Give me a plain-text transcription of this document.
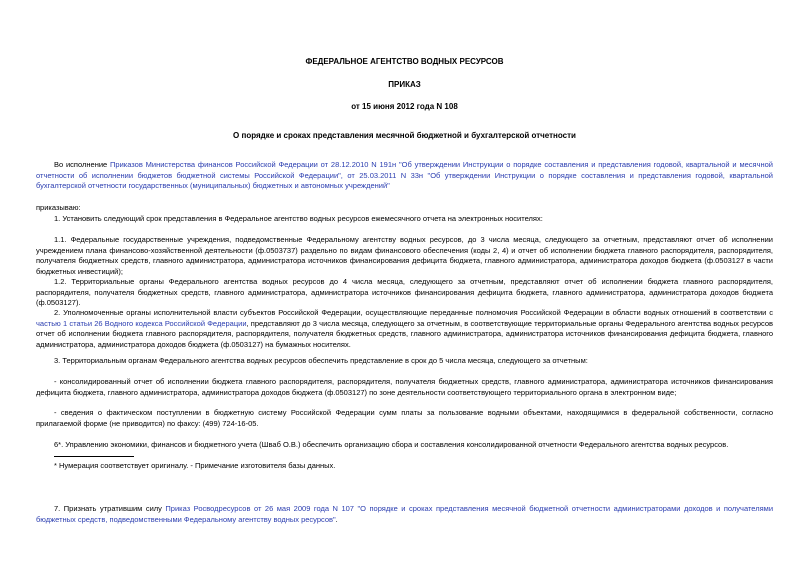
ФЕДЕРАЛЬНОЕ АГЕНТСТВО ВОДНЫХ РЕСУРСОВ
ПРИКАЗ
от 15 июня 2012 года N 108
О порядке и сроках представления месячной бюджетной и бухгалтерской отчетности
Во исполнение Приказов Министерства финансов Российской Федерации от 28.12.2010 N 191н "Об утверждении Инструкции о порядке составления и представления годовой, квартальной и месячной отчетности об исполнении бюджетов бюджетной системы Российской Федерации", от 25.03.2011 N 33н "Об утверждении Инструкции о порядке составления и представления годовой, квартальной бухгалтерской отчетности государственных (муниципальных) бюджетных и автономных учреждений"
приказываю:
1. Установить следующий срок представления в Федеральное агентство водных ресурсов ежемесячного отчета на электронных носителях:
1.1. Федеральные государственные учреждения, подведомственные Федеральному агентству водных ресурсов, до 3 числа месяца, следующего за отчетным, представляют отчет об исполнении учреждением плана финансово-хозяйственной деятельности (ф.0503737) раздельно по видам финансового обеспечения (коды 2, 4) и отчет об исполнении бюджета главного распорядителя, распорядителя, получателя бюджетных средств, главного администратора, администратора источников финансирования дефицита бюджета, главного администратора, администратора доходов бюджета (ф.0503127 в части бюджетных инвестиций);
1.2. Территориальные органы Федерального агентства водных ресурсов до 4 числа месяца, следующего за отчетным, представляют отчет об исполнении бюджета главного распорядителя, распорядителя, получателя бюджетных средств, главного администратора, администратора источников финансирования дефицита бюджета, главного администратора, администратора доходов бюджета (ф.0503127).
2. Уполномоченные органы исполнительной власти субъектов Российской Федерации, осуществляющие переданные полномочия Российской Федерации в области водных отношений в соответствии с частью 1 статьи 26 Водного кодекса Российской Федерации, представляют до 3 числа месяца, следующего за отчетным, в соответствующие территориальные органы Федерального агентства водных ресурсов отчет об исполнении бюджета главного распорядителя, распорядителя, получателя бюджетных средств, главного администратора, администратора источников финансирования дефицита бюджета, главного администратора, администратора доходов бюджета (ф.0503127) на бумажных носителях.
3. Территориальным органам Федерального агентства водных ресурсов обеспечить представление в срок до 5 числа месяца, следующего за отчетным:
- консолидированный отчет об исполнении бюджета главного распорядителя, распорядителя, получателя бюджетных средств, главного администратора, администратора источников финансирования дефицита бюджета, главного администратора, администратора доходов бюджета (ф.0503127) по зоне деятельности соответствующего территориального органа в электронном виде;
- сведения о фактическом поступлении в бюджетную систему Российской Федерации сумм платы за пользование водными объектами, находящимися в федеральной собственности, согласно прилагаемой форме (не приводится) по факсу: (499) 724-16-05.
6*. Управлению экономики, финансов и бюджетного учета (Шваб О.В.) обеспечить организацию сбора и составления консолидированной отчетности Федерального агентства водных ресурсов.
* Нумерация соответствует оригиналу. - Примечание изготовителя базы данных.
7. Признать утратившим силу Приказ Росводресурсов от 26 мая 2009 года N 107 "О порядке и сроках представления месячной бюджетной отчетности администраторами доходов и получателями бюджетных средств, подведомственными Федеральному агентству водных ресурсов".
